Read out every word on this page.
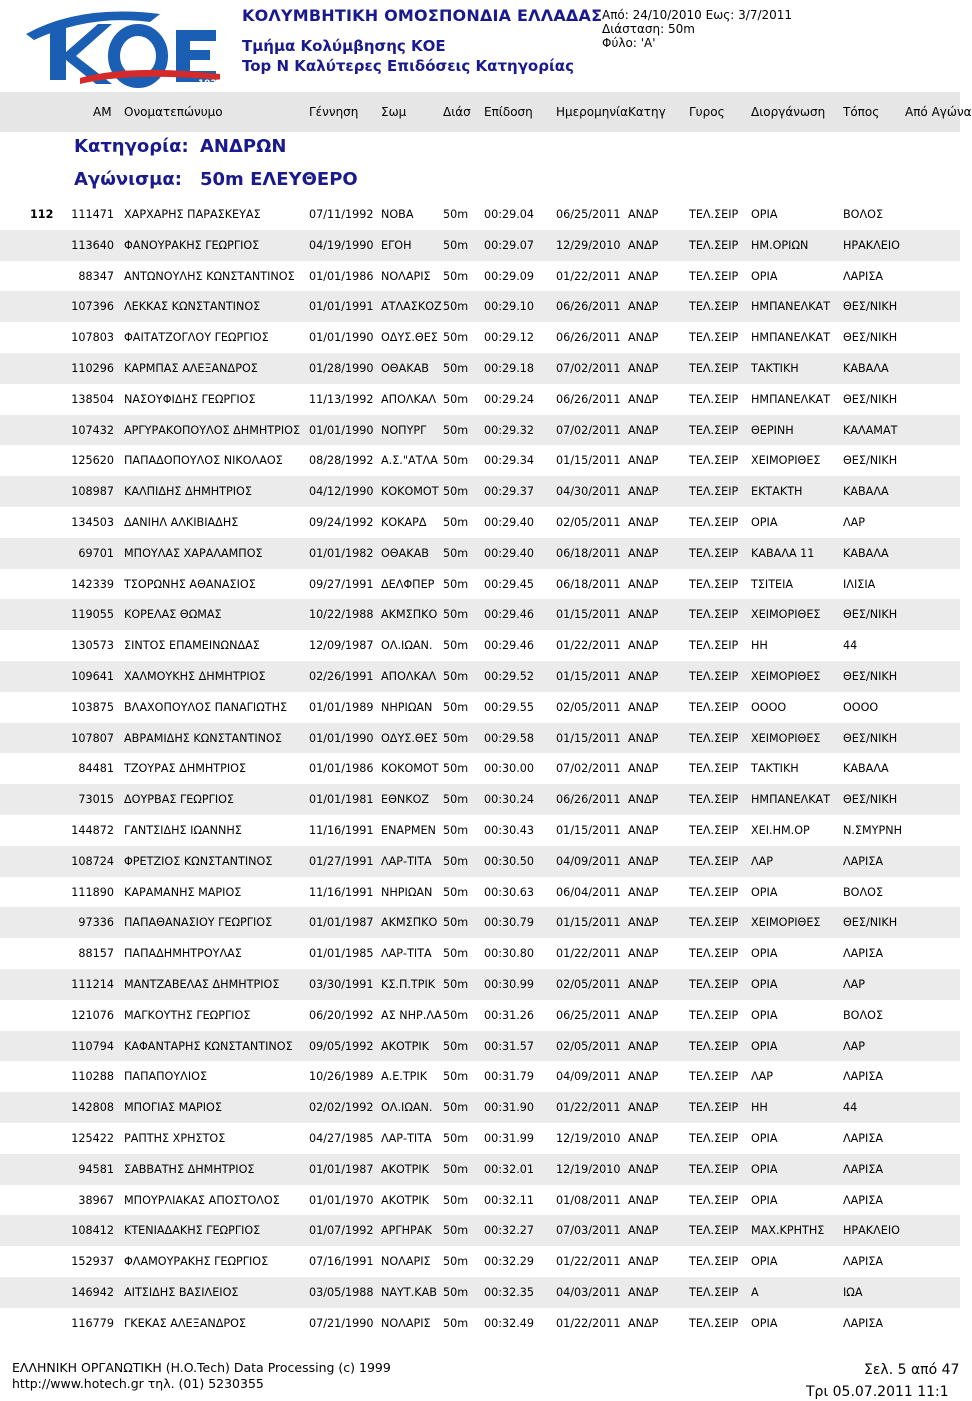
1927
ΚΟΛΥΜΒΗΤΙΚΗ ΟΜΟΣΠΟΝΔΙΑ ΕΛΛΑΔΑΣ
Τμήμα Κολύμβησης ΚΟΕ
Top N Καλύτερες Επιδόσεις Κατηγορίας
Από: 24/10/2010 Εως: 3/7/2011
Διάσταση: 50m
Φύλο: 'Α'
ΑΜ Ονοματεπώνυμο	Γέννηση Σωμ	Διάσ Επίδοση Ημερομηνία Κατηγ Γυρος Διοργάνωση Τόπος Από Αγώνα
Κατηγορία: ΑΝΔΡΩΝ
Αγώνισμα: 50m ΕΛΕΥΘΕΡΟ
112 111471 ΧΑΡΧΑΡΗΣ ΠΑΡΑΣΚΕΥΑΣ	07/11/1992 ΝΟΒΑ	50m 00:29.04 06/25/2011 ΑΝΔΡ	ΤΕΛ.ΣΕΙΡ ΟΡΙΑ	ΒΟΛΟΣ
113640 ΦΑΝΟΥΡΑΚΗΣ ΓΕΩΡΓΙΟΣ	04/19/1990 ΕΓΟΗ	50m 00:29.07 12/29/2010 ΑΝΔΡ	ΤΕΛ.ΣΕΙΡ ΗΜ.ΟΡΙΩΝ	ΗΡΑΚΛΕΙΟ
88347 ΑΝΤΩΝΟΥΛΗΣ ΚΩΝΣΤΑΝΤΙΝΟΣ 01/01/1986 ΝΟΛΑΡΙΣ 50m 00:29.09 01/22/2011 ΑΝΔΡ	ΤΕΛ.ΣΕΙΡ ΟΡΙΑ	ΛΑΡΙΣΑ
107396 ΛΕΚΚΑΣ ΚΩΝΣΤΑΝΤΙΝΟΣ	01/01/1991 ΑΤΛΑΣΚΟΖ 50m 00:29.10 06/26/2011 ΑΝΔΡ	ΤΕΛ.ΣΕΙΡ ΗΜΠΑΝΕΛΚΑΤ ΘΕΣ/ΝΙΚΗ
107803 ΦΑΙΤΑΤΖΟΓΛΟΥ ΓΕΩΡΓΙΟΣ	01/01/1990 ΟΔΥΣ.ΘΕΣ 50m 00:29.12 06/26/2011 ΑΝΔΡ	ΤΕΛ.ΣΕΙΡ ΗΜΠΑΝΕΛΚΑΤ ΘΕΣ/ΝΙΚΗ
110296 ΚΑΡΜΠΑΣ ΑΛΕΞΑΝΔΡΟΣ	01/28/1990 ΟΘΑΚΑΒ 50m 00:29.18 07/02/2011 ΑΝΔΡ	ΤΕΛ.ΣΕΙΡ ΤΑΚΤΙΚΗ	ΚΑΒΑΛΑ
138504 ΝΑΣΟΥΦΙΔΗΣ ΓΕΩΡΓΙΟΣ	11/13/1992 ΑΠΟΛΚΑΛ 50m 00:29.24 06/26/2011 ΑΝΔΡ	ΤΕΛ.ΣΕΙΡ ΗΜΠΑΝΕΛΚΑΤ ΘΕΣ/ΝΙΚΗ
107432 ΑΡΓΥΡΑΚΟΠΟΥΛΟΣ ΔΗΜΗΤΡΙΟΣ 01/01/1990 ΝΟΠΥΡΓ 50m 00:29.32 07/02/2011 ΑΝΔΡ	ΤΕΛ.ΣΕΙΡ ΘΕΡΙΝΗ	ΚΑΛΑΜΑΤ
125620 ΠΑΠΑΔΟΠΟΥΛΟΣ ΝΙΚΟΛΑΟΣ 08/28/1992 Α.Σ."ΑΤΛΑ 50m 00:29.34 01/15/2011 ΑΝΔΡ	ΤΕΛ.ΣΕΙΡ ΧΕΙΜΟΡΙΘΕΣ ΘΕΣ/ΝΙΚΗ
108987 ΚΑΛΠΙΔΗΣ ΔΗΜΗΤΡΙΟΣ	04/12/1990 ΚΟΚΟΜΟΤ 50m 00:29.37 04/30/2011 ΑΝΔΡ	ΤΕΛ.ΣΕΙΡ ΕΚΤΑΚΤΗ	ΚΑΒΑΛΑ
134503 ΔΑΝΙΗΛ ΑΛΚΙΒΙΑΔΗΣ	09/24/1992 ΚΟΚΑΡΔ 50m 00:29.40 02/05/2011 ΑΝΔΡ	ΤΕΛ.ΣΕΙΡ ΟΡΙΑ	ΛΑΡ
69701 ΜΠΟΥΛΑΣ ΧΑΡΑΛΑΜΠΟΣ	01/01/1982 ΟΘΑΚΑΒ 50m 00:29.40 06/18/2011 ΑΝΔΡ	ΤΕΛ.ΣΕΙΡ ΚΑΒΑΛΑ 11	ΚΑΒΑΛΑ
142339 ΤΣΟΡΩΝΗΣ ΑΘΑΝΑΣΙΟΣ	09/27/1991 ΔΕΛΦΠΕΡ 50m 00:29.45 06/18/2011 ΑΝΔΡ	ΤΕΛ.ΣΕΙΡ ΤΣΙΤΕΙΑ	ΙΛΙΣΙΑ
119055 ΚΟΡΕΛΑΣ ΘΩΜΑΣ	10/22/1988 ΑΚΜΣΠΚΟ 50m 00:29.46 01/15/2011 ΑΝΔΡ	ΤΕΛ.ΣΕΙΡ ΧΕΙΜΟΡΙΘΕΣ ΘΕΣ/ΝΙΚΗ
130573 ΣΙΝΤΟΣ ΕΠΑΜΕΙΝΩΝΔΑΣ	12/09/1987 ΟΛ.ΙΩΑΝ. 50m 00:29.46 01/22/2011 ΑΝΔΡ	ΤΕΛ.ΣΕΙΡ ΗΗ	44
109641 ΧΑΛΜΟΥΚΗΣ ΔΗΜΗΤΡΙΟΣ	02/26/1991 ΑΠΟΛΚΑΛ 50m 00:29.52 01/15/2011 ΑΝΔΡ	ΤΕΛ.ΣΕΙΡ ΧΕΙΜΟΡΙΘΕΣ ΘΕΣ/ΝΙΚΗ
103875 ΒΛΑΧΟΠΟΥΛΟΣ ΠΑΝΑΓΙΩΤΗΣ 01/01/1989 ΝΗΡΙΩΑΝ 50m 00:29.55 02/05/2011 ΑΝΔΡ	ΤΕΛ.ΣΕΙΡ ΟΟΟΟ	ΟΟΟΟ
107807 ΑΒΡΑΜΙΔΗΣ ΚΩΝΣΤΑΝΤΙΝΟΣ 01/01/1990 ΟΔΥΣ.ΘΕΣ 50m 00:29.58 01/15/2011 ΑΝΔΡ	ΤΕΛ.ΣΕΙΡ ΧΕΙΜΟΡΙΘΕΣ ΘΕΣ/ΝΙΚΗ
84481 ΤΖΟΥΡΑΣ ΔΗΜΗΤΡΙΟΣ	01/01/1986 ΚΟΚΟΜΟΤ 50m 00:30.00 07/02/2011 ΑΝΔΡ	ΤΕΛ.ΣΕΙΡ ΤΑΚΤΙΚΗ	ΚΑΒΑΛΑ
73015 ΔΟΥΡΒΑΣ ΓΕΩΡΓΙΟΣ	01/01/1981 ΕΘΝΚΟΖ 50m 00:30.24 06/26/2011 ΑΝΔΡ	ΤΕΛ.ΣΕΙΡ ΗΜΠΑΝΕΛΚΑΤ ΘΕΣ/ΝΙΚΗ
144872 ΓΑΝΤΣΙΔΗΣ ΙΩΑΝΝΗΣ	11/16/1991 ΕΝΑΡΜΕΝ 50m 00:30.43 01/15/2011 ΑΝΔΡ	ΤΕΛ.ΣΕΙΡ ΧΕΙ.ΗΜ.ΟΡ	Ν.ΣΜΥΡΝΗ
108724 ΦΡΕΤΖΙΟΣ ΚΩΝΣΤΑΝΤΙΝΟΣ	01/27/1991 ΛΑΡ-ΤΙΤΑ 50m 00:30.50 04/09/2011 ΑΝΔΡ	ΤΕΛ.ΣΕΙΡ ΛΑΡ	ΛΑΡΙΣΑ
111890 ΚΑΡΑΜΑΝΗΣ ΜΑΡΙΟΣ	11/16/1991 ΝΗΡΙΩΑΝ 50m 00:30.63 06/04/2011 ΑΝΔΡ	ΤΕΛ.ΣΕΙΡ ΟΡΙΑ	ΒΟΛΟΣ
97336 ΠΑΠΑΘΑΝΑΣΙΟΥ ΓΕΩΡΓΙΟΣ	01/01/1987 ΑΚΜΣΠΚΟ 50m 00:30.79 01/15/2011 ΑΝΔΡ	ΤΕΛ.ΣΕΙΡ ΧΕΙΜΟΡΙΘΕΣ ΘΕΣ/ΝΙΚΗ
88157 ΠΑΠΑΔΗΜΗΤΡΟΥΛΑΣ	01/01/1985 ΛΑΡ-ΤΙΤΑ 50m 00:30.80 01/22/2011 ΑΝΔΡ	ΤΕΛ.ΣΕΙΡ ΟΡΙΑ	ΛΑΡΙΣΑ
111214 ΜΑΝΤΖΑΒΕΛΑΣ ΔΗΜΗΤΡΙΟΣ	03/30/1991 ΚΣ.Π.ΤΡΙΚ 50m 00:30.99 02/05/2011 ΑΝΔΡ	ΤΕΛ.ΣΕΙΡ ΟΡΙΑ	ΛΑΡ
121076 ΜΑΓΚΟΥΤΗΣ ΓΕΩΡΓΙΟΣ	06/20/1992 ΑΣ ΝΗΡ.ΛΑ 50m 00:31.26 06/25/2011 ΑΝΔΡ	ΤΕΛ.ΣΕΙΡ ΟΡΙΑ	ΒΟΛΟΣ
110794 ΚΑΦΑΝΤΑΡΗΣ ΚΩΝΣΤΑΝΤΙΝΟΣ 09/05/1992 ΑΚΟΤΡΙΚ 50m 00:31.57 02/05/2011 ΑΝΔΡ	ΤΕΛ.ΣΕΙΡ ΟΡΙΑ	ΛΑΡ
110288 ΠΑΠΑΠΟΥΛΙΟΣ	10/26/1989 Α.Ε.ΤΡΙΚ 50m 00:31.79 04/09/2011 ΑΝΔΡ	ΤΕΛ.ΣΕΙΡ ΛΑΡ	ΛΑΡΙΣΑ
142808 ΜΠΟΓΙΑΣ ΜΑΡΙΟΣ	02/02/1992 ΟΛ.ΙΩΑΝ. 50m 00:31.90 01/22/2011 ΑΝΔΡ	ΤΕΛ.ΣΕΙΡ ΗΗ	44
125422 ΡΑΠΤΗΣ ΧΡΗΣΤΟΣ	04/27/1985 ΛΑΡ-ΤΙΤΑ 50m 00:31.99 12/19/2010 ΑΝΔΡ	ΤΕΛ.ΣΕΙΡ ΟΡΙΑ	ΛΑΡΙΣΑ
94581 ΣΑΒΒΑΤΗΣ ΔΗΜΗΤΡΙΟΣ	01/01/1987 ΑΚΟΤΡΙΚ 50m 00:32.01 12/19/2010 ΑΝΔΡ	ΤΕΛ.ΣΕΙΡ ΟΡΙΑ	ΛΑΡΙΣΑ
38967 ΜΠΟΥΡΛΙΑΚΑΣ ΑΠΟΣΤΟΛΟΣ	01/01/1970 ΑΚΟΤΡΙΚ 50m 00:32.11 01/08/2011 ΑΝΔΡ	ΤΕΛ.ΣΕΙΡ ΟΡΙΑ	ΛΑΡΙΣΑ
108412 ΚΤΕΝΙΑΔΑΚΗΣ ΓΕΩΡΓΙΟΣ	01/07/1992 ΑΡΓΗΡΑΚ 50m 00:32.27 07/03/2011 ΑΝΔΡ	ΤΕΛ.ΣΕΙΡ ΜΑΧ.ΚΡΗΤΗΣ ΗΡΑΚΛΕΙΟ
152937 ΦΛΑΜΟΥΡΑΚΗΣ ΓΕΩΡΓΙΟΣ	07/16/1991 ΝΟΛΑΡΙΣ 50m 00:32.29 01/22/2011 ΑΝΔΡ	ΤΕΛ.ΣΕΙΡ ΟΡΙΑ	ΛΑΡΙΣΑ
146942 ΑΙΤΣΙΔΗΣ ΒΑΣΙΛΕΙΟΣ	03/05/1988 ΝΑΥΤ.ΚΑΒ 50m 00:32.35 04/03/2011 ΑΝΔΡ	ΤΕΛ.ΣΕΙΡ Α	ΙΩΑ
116779 ΓΚΕΚΑΣ ΑΛΕΞΑΝΔΡΟΣ	07/21/1990 ΝΟΛΑΡΙΣ 50m 00:32.49 01/22/2011 ΑΝΔΡ	ΤΕΛ.ΣΕΙΡ ΟΡΙΑ	ΛΑΡΙΣΑ
ΕΛΛΗΝΙΚΗ ΟΡΓΑΝΩΤΙΚΗ (H.O.Tech) Data Processing (c) 1999
http://www.hotech.gr τηλ. (01) 5230355
Σελ. 5 από 47
Τρι 05.07.2011 11:1
